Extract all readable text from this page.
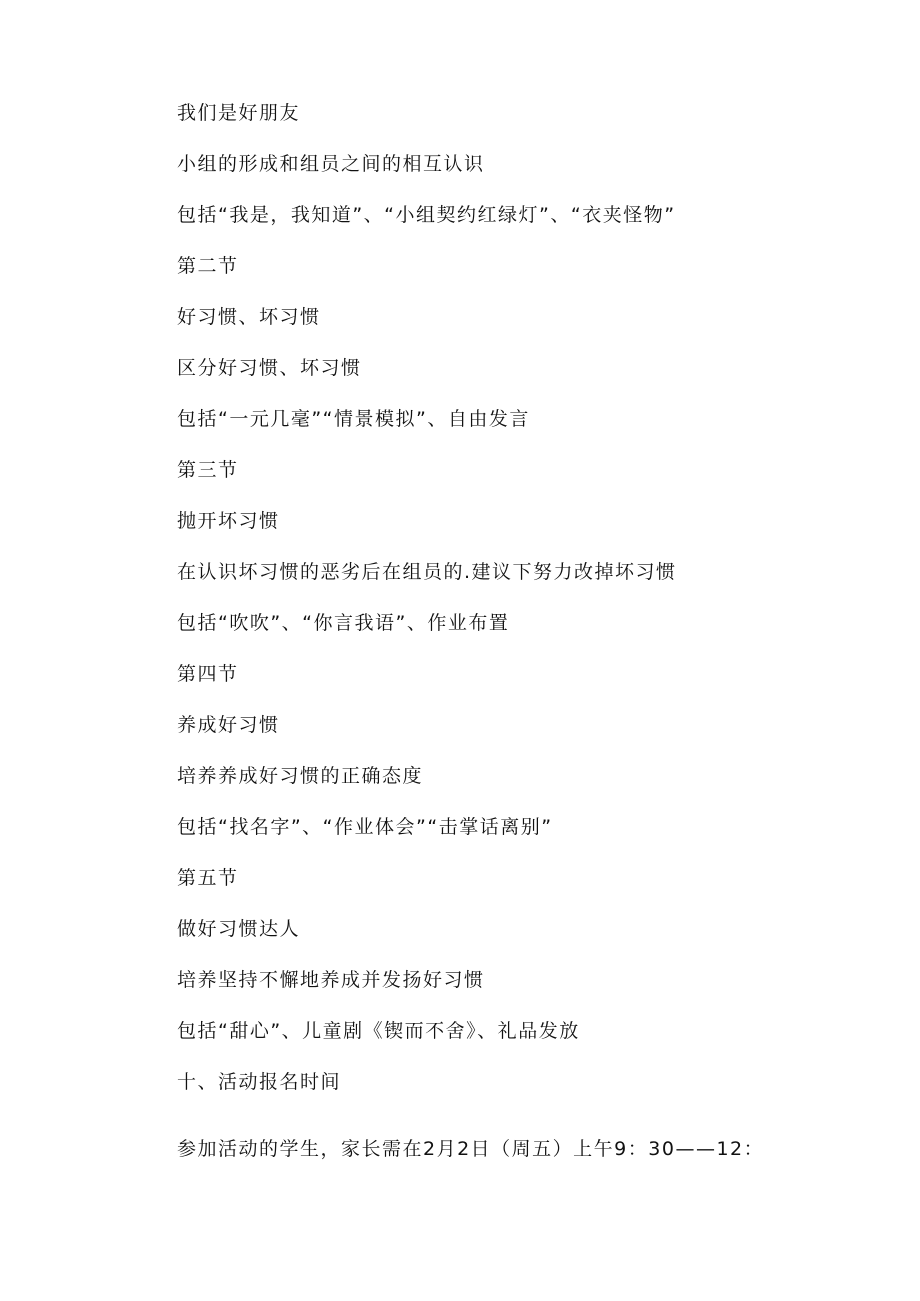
我们是好朋友
小组的形成和组员之间的相互认识
包括“我是，我知道”、“小组契约红绿灯”、“衣夹怪物”
第二节
好习惯、坏习惯
区分好习惯、坏习惯
包括“一元几毫”“情景模拟”、自由发言
第三节
抛开坏习惯
在认识坏习惯的恶劣后在组员的.建议下努力改掉坏习惯
包括“吹吹”、“你言我语”、作业布置
第四节
养成好习惯
培养养成好习惯的正确态度
包括“找名字”、“作业体会”“击掌话离别”
第五节
做好习惯达人
培养坚持不懈地养成并发扬好习惯
包括“甜心”、儿童剧《锲而不舍》、礼品发放
十、活动报名时间
参加活动的学生，家长需在2月2日（周五）上午9：30——12：
